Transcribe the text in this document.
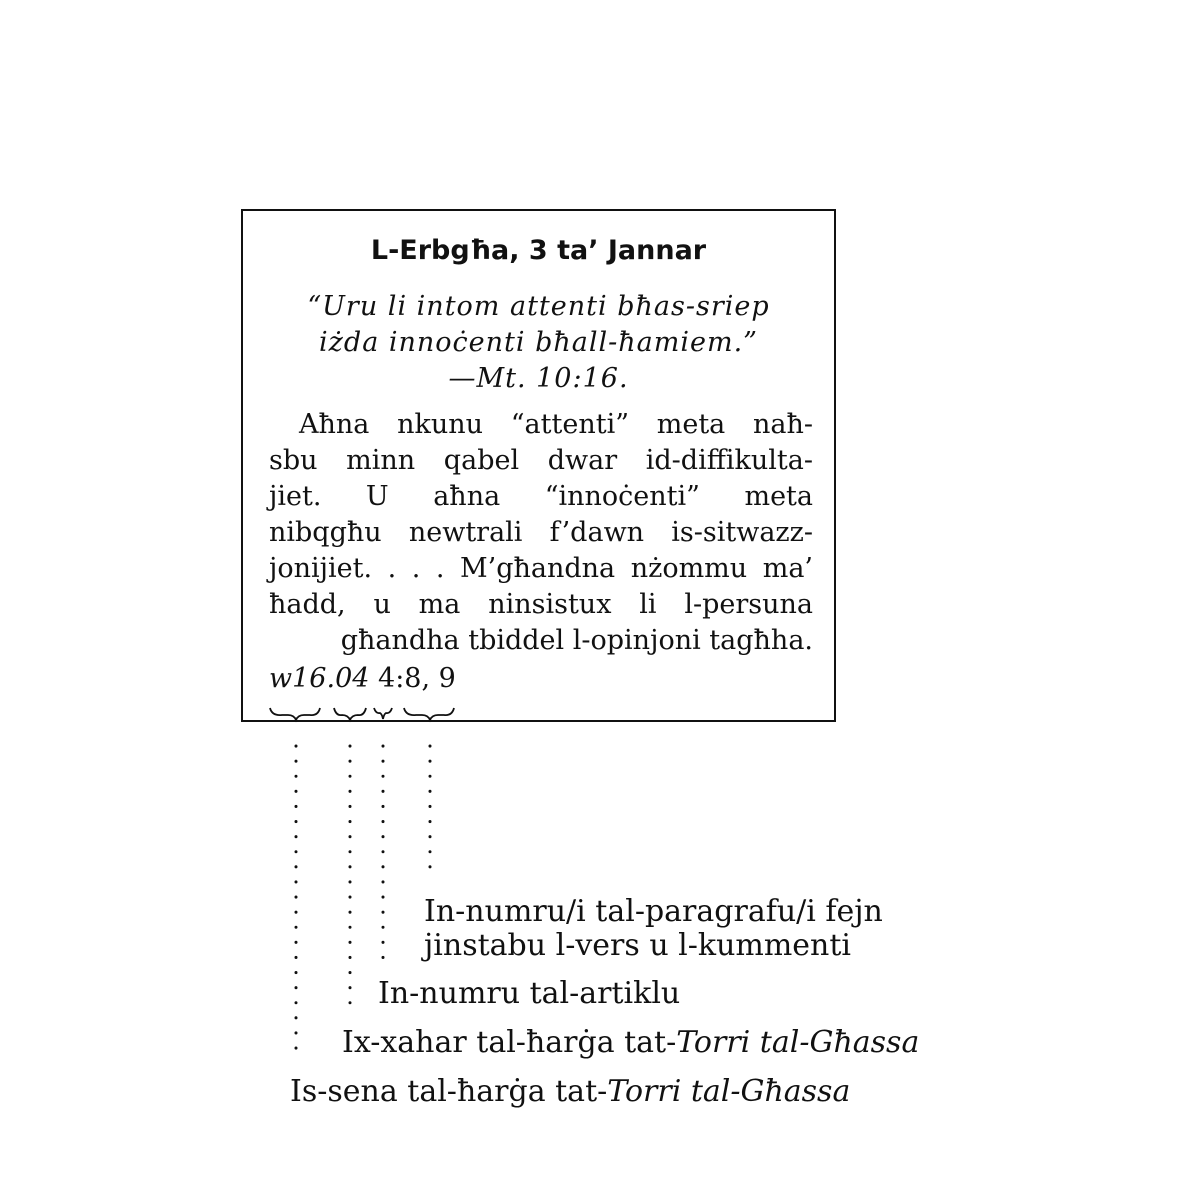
L-Erbgħa, 3 ta’ Jannar
“Uru li intom attenti bħas-sriep
iżda innoċenti bħall-ħamiem.”
—Mt. 10:16.
Aħna nkunu “attenti” meta naħ-
sbu minn qabel dwar id-diffikulta-
jiet. U aħna “innoċenti” meta
nibqgħu newtrali f’dawn is-sitwazz-
jonijiet. . . . M’għandna nżommu ma’
ħadd, u ma ninsistux li l-persuna
għandha tbiddel l-opinjoni tagħha.
w16.04 4:8, 9
In-numru/i tal-paragrafu/i fejn
jinstabu l-vers u l-kummenti
In-numru tal-artiklu
Ix-xahar tal-ħarġa tat-Torri tal-Għassa
Is-sena tal-ħarġa tat-Torri tal-Għassa
